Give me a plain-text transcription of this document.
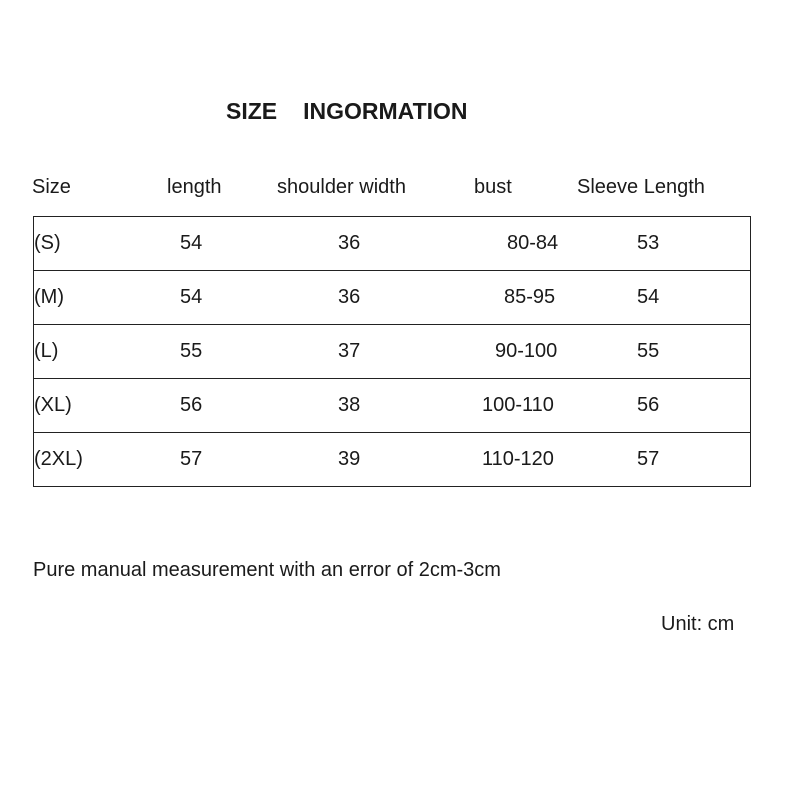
SIZE INGORMATION
Size	length	shoulder width	bust	Sleeve Length
(S)	54	36	80-84	53
(M)	54	36	85-95	54
(L)	55	37	90-100	55
(XL)	56	38	100-110	56
(2XL)	57	39	110-120	57
Pure manual measurement with an error of 2cm-3cm
Unit: cm
